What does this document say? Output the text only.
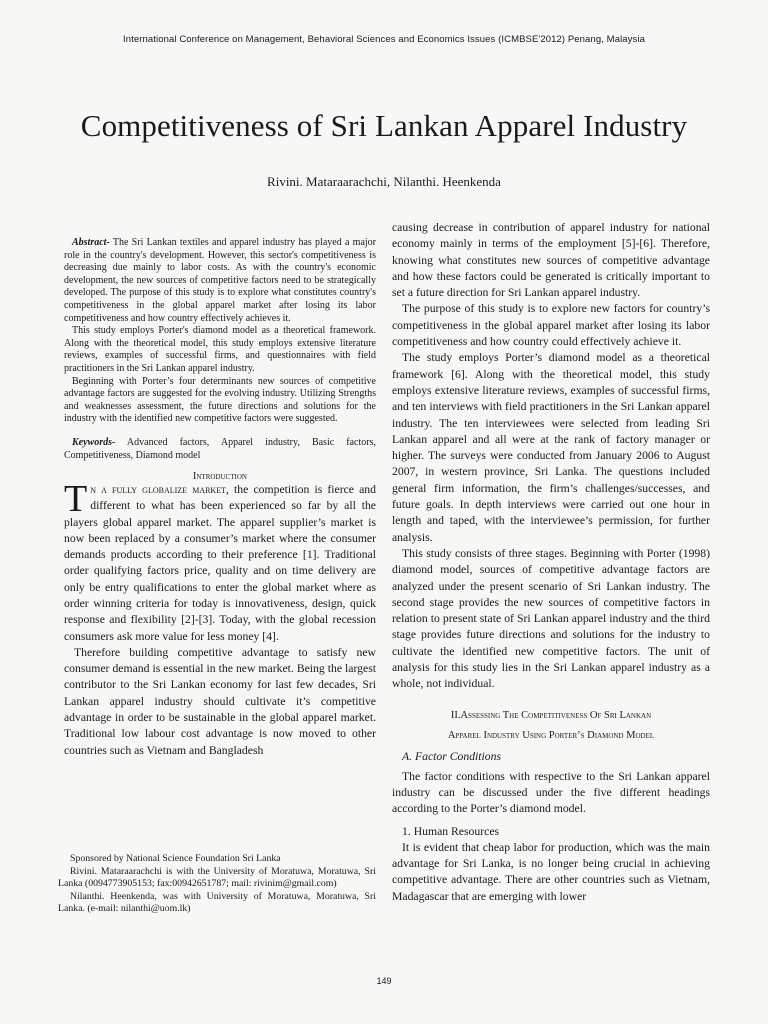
International Conference on Management, Behavioral Sciences and Economics Issues (ICMBSE'2012) Penang, Malaysia
Competitiveness of Sri Lankan Apparel Industry
Rivini. Mataraarachchi, Nilanthi. Heenkenda

Abstract- The Sri Lankan textiles and apparel industry has played a major role in the country's development. However, this sector's competitiveness is decreasing due mainly to labor costs. As with the country's economic development, the new sources of competitive factors need to be strategically developed. The purpose of this study is to explore what constitutes country's competitiveness in the global apparel market after losing its labor competitiveness and how country effectively achieves it.

This study employs Porter's diamond model as a theoretical framework. Along with the theoretical model, this study employs extensive literature reviews, examples of successful firms, and questionnaires with field practitioners in the Sri Lankan apparel industry.

Beginning with Porter’s four determinants new sources of competitive advantage factors are suggested for the evolving industry. Utilizing Strengths and weaknesses assessment, the future directions and solutions for the industry with the identified new competitive factors were suggested.

Keywords- Advanced factors, Apparel industry, Basic factors, Competitiveness, Diamond model
Introduction

Tn a fully globalize market, the competition is fierce and different to what has been experienced so far by all the players global apparel market. The apparel supplier’s market is now been replaced by a consumer’s market where the consumer demands products according to their preference [1]. Traditional order qualifying factors price, quality and on time delivery are only be entry qualifications to enter the global market where as order winning criteria for today is innovativeness, design, quick response and flexibility [2]-[3]. Today, with the global recession consumers ask more value for less money [4].

Therefore building competitive advantage to satisfy new consumer demand is essential in the new market. Being the largest contributor to the Sri Lankan economy for last few decades, Sri Lankan apparel industry should cultivate it’s competitive advantage in order to be sustainable in the global apparel market. Traditional low labour cost advantage is now moved to other countries such as Vietnam and Bangladesh

causing decrease in contribution of apparel industry for national economy mainly in terms of the employment [5]-[6]. Therefore, knowing what constitutes new sources of competitive advantage and how these factors could be generated is critically important to set a future direction for Sri Lankan apparel industry.

The purpose of this study is to explore new factors for country’s competitiveness in the global apparel market after losing its labor competitiveness and how country could effectively achieve it.

The study employs Porter’s diamond model as a theoretical framework [6]. Along with the theoretical model, this study employs extensive literature reviews, examples of successful firms, and ten interviews with field practitioners in the Sri Lankan apparel industry. The ten interviewees were selected from leading Sri Lankan apparel and all were at the rank of factory manager or higher. The surveys were conducted from January 2006 to August 2007, in western province, Sri Lanka. The questions included general firm information, the firm’s challenges/successes, and future goals. In depth interviews were carried out one hour in length and taped, with the interviewee’s permission, for further analysis.

This study consists of three stages. Beginning with Porter (1998) diamond model, sources of competitive advantage factors are analyzed under the present scenario of Sri Lankan industry. The second stage provides the new sources of competitive factors in relation to present state of Sri Lankan apparel industry and the third stage provides future directions and solutions for the industry to cultivate the identified new competitive factors. The unit of analysis for this study lies in the Sri Lankan apparel industry as a whole, not individual.

II.Assessing The Competitiveness Of Sri Lankan
Apparel Industry Using Porter’s Diamond Model
A. Factor Conditions

The factor conditions with respective to the Sri Lankan apparel industry can be discussed under the five different headings according to the Porter’s diamond model.

1. Human Resources

It is evident that cheap labor for production, which was the main advantage for Sri Lanka, is no longer being crucial in achieving competitive advantage. There are other countries such as Vietnam, Madagascar that are emerging with lower

Sponsored by National Science Foundation Sri Lanka

Rivini. Mataraarachchi is with the University of Moratuwa, Moratuwa, Sri Lanka (0094773905153; fax:00942651787; mail: rivinim@gmail.com)

Nilanthi. Heenkenda, was with University of Moratuwa, Moratuwa, Sri Lanka. (e-mail: nilanthi@uom.lk)

149
